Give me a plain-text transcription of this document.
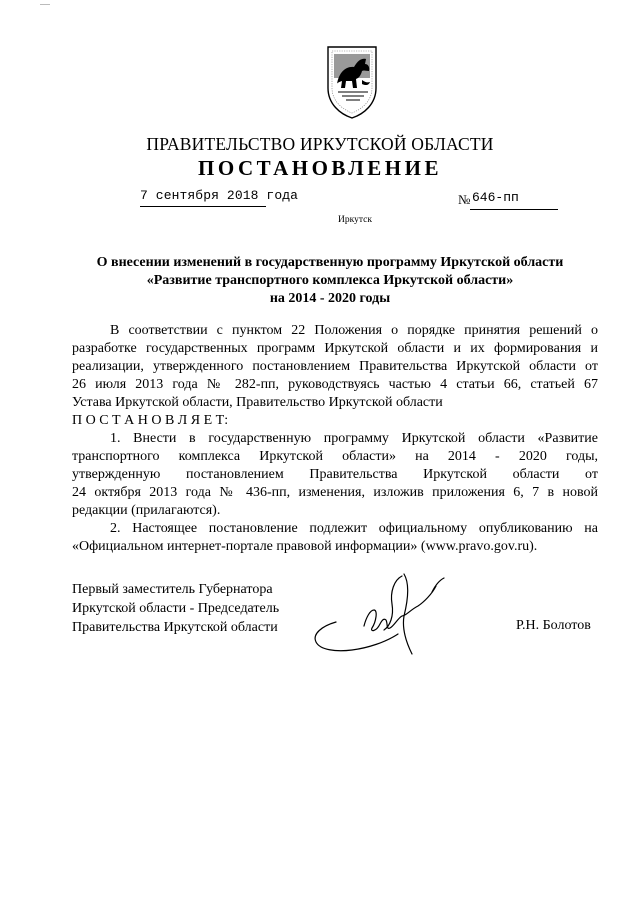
ПРАВИТЕЛЬСТВО ИРКУТСКОЙ ОБЛАСТИ
ПОСТАНОВЛЕНИЕ
7 сентября 2018 года	№ 646-пп
Иркутск
О внесении изменений в государственную программу Иркутской области
«Развитие транспортного комплекса Иркутской области»
на 2014 - 2020 годы

В соответствии с пунктом 22 Положения о порядке принятия решений о

разработке государственных программ Иркутской области и их формирования и

реализации, утвержденного постановлением Правительства Иркутской области от

26 июля 2013 года № 282-пп, руководствуясь частью 4 статьи 66, статьей 67

Устава Иркутской области, Правительство Иркутской области

П О С Т А Н О В Л Я Е Т:

1. Внести в государственную программу Иркутской области «Развитие

транспортного комплекса Иркутской области» на 2014 - 2020 годы,

утвержденную постановлением Правительства Иркутской области от

24 октября 2013 года № 436-пп, изменения, изложив приложения 6, 7 в новой

редакции (прилагаются).

2. Настоящее постановление подлежит официальному опубликованию на

«Официальном интернет-портале правовой информации» (www.pravo.gov.ru).

Первый заместитель Губернатора
Иркутской области - Председатель
Правительства Иркутской области	Р.Н. Болотов
